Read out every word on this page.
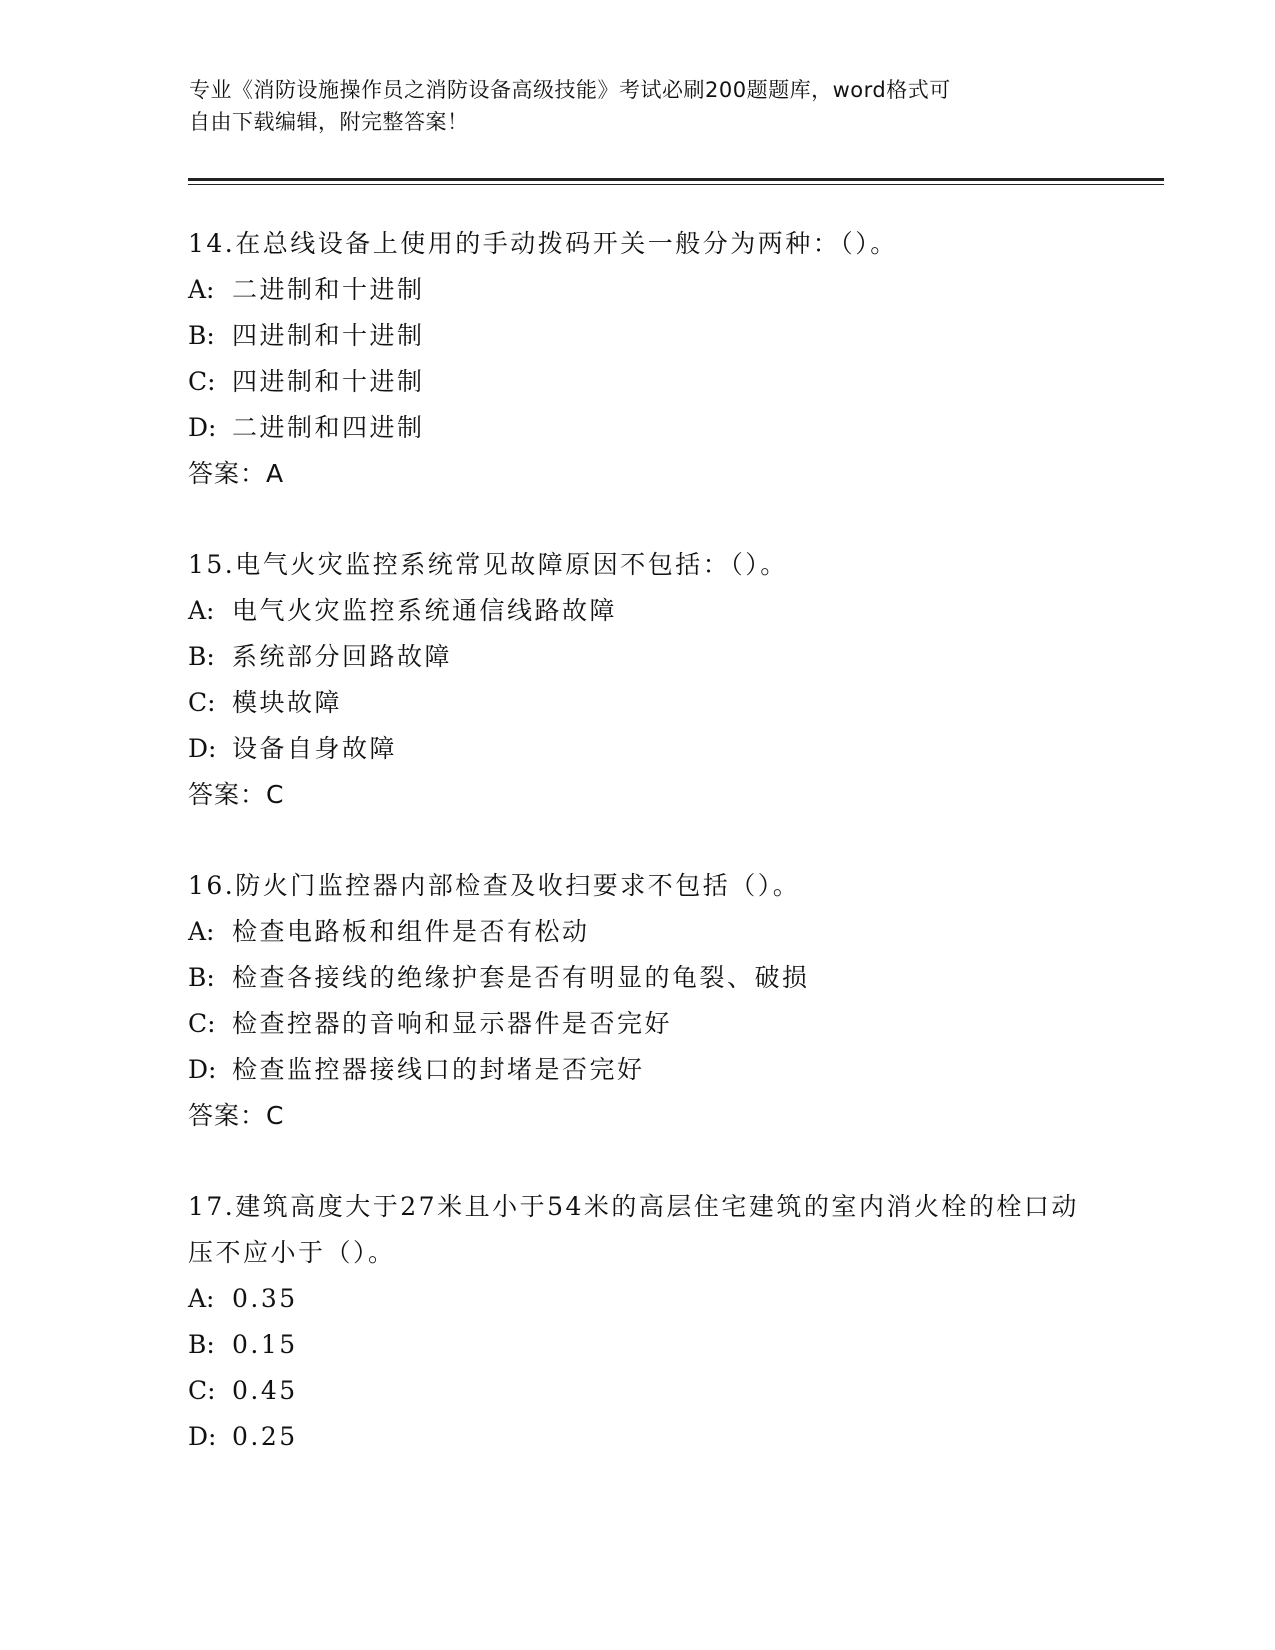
专业《消防设施操作员之消防设备高级技能》考试必刷200题题库，word格式可
自由下载编辑，附完整答案！
14.在总线设备上使用的手动拨码开关一般分为两种：（）。
A: 二进制和十进制
B: 四进制和十进制
C: 四进制和十进制
D: 二进制和四进制
答案：A
15.电气火灾监控系统常见故障原因不包括：（）。
A: 电气火灾监控系统通信线路故障
B: 系统部分回路故障
C: 模块故障
D: 设备自身故障
答案：C
16.防火门监控器内部检查及收扫要求不包括（）。
A: 检查电路板和组件是否有松动
B: 检查各接线的绝缘护套是否有明显的龟裂、破损
C: 检查控器的音响和显示器件是否完好
D: 检查监控器接线口的封堵是否完好
答案：C
17.建筑高度大于27米且小于54米的高层住宅建筑的室内消火栓的栓口动压不应小于（）。
A: 0.35
B: 0.15
C: 0.45
D: 0.25
